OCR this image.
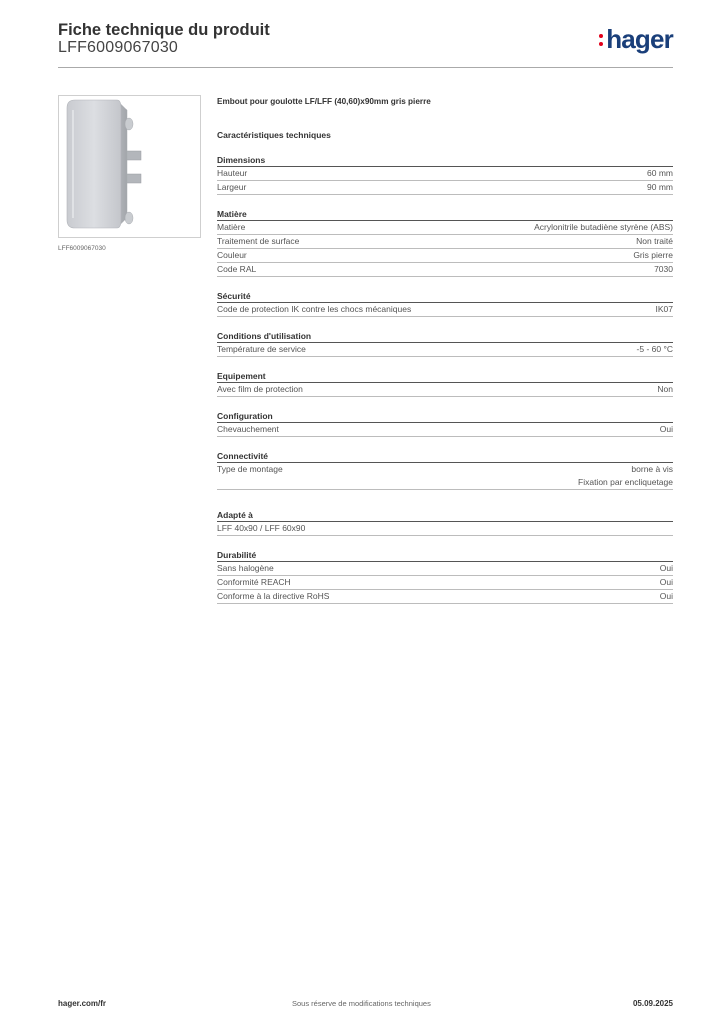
Fiche technique du produit
LFF6009067030	hager
LFF6009067030
Embout pour goulotte LF/LFF (40,60)x90mm gris pierre
Caractéristiques techniques
Dimensions
Hauteur	60 mm
Largeur	90 mm
Matière
Matière	Acrylonitrile butadiène styrène (ABS)
Traitement de surface	Non traité
Couleur	Gris pierre
Code RAL	7030
Sécurité
Code de protection IK contre les chocs mécaniques	IK07
Conditions d'utilisation
Température de service	-5 - 60 °C
Equipement
Avec film de protection	Non
Configuration
Chevauchement	Oui
Connectivité
Type de montage	borne à vis
Fixation par encliquetage
Adapté à
LFF 40x90 / LFF 60x90
Durabilité
Sans halogène	Oui
Conformité REACH	Oui
Conforme à la directive RoHS	Oui
hager.com/fr	Sous réserve de modifications techniques	05.09.2025
